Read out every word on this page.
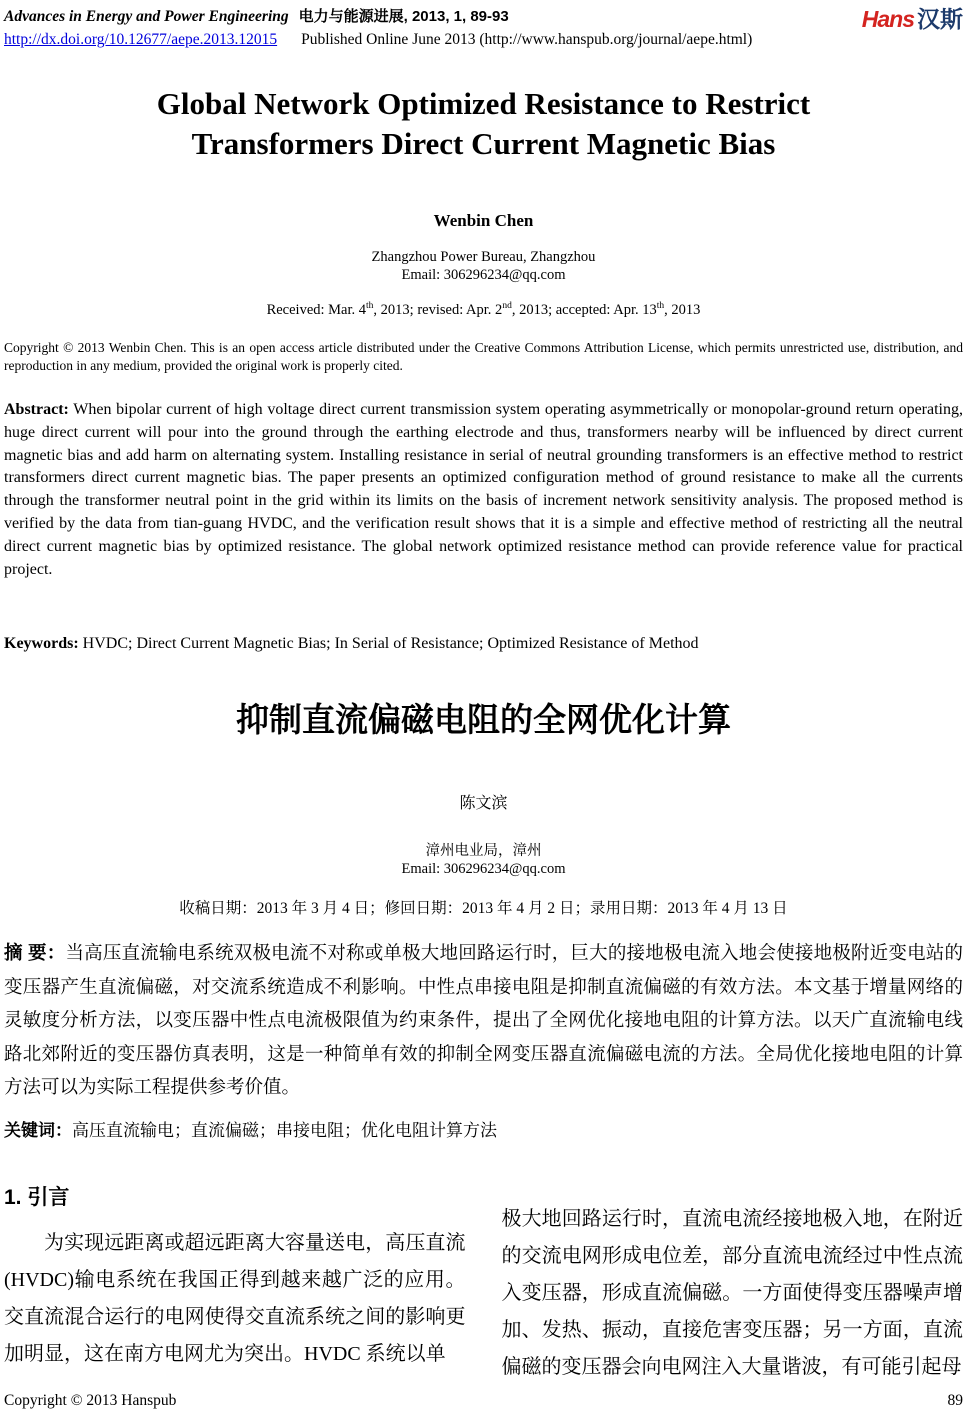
Advances in Energy and Power Engineering 电力与能源进展, 2013, 1, 89-93
http://dx.doi.org/10.12677/aepe.2013.12015 Published Online June 2013 (http://www.hanspub.org/journal/aepe.html)
Hans 汉斯
Global Network Optimized Resistance to Restrict
Transformers Direct Current Magnetic Bias
Wenbin Chen
Zhangzhou Power Bureau, Zhangzhou
Email: 306296234@qq.com
Received: Mar. 4th, 2013; revised: Apr. 2nd, 2013; accepted: Apr. 13th, 2013
Copyright © 2013 Wenbin Chen. This is an open access article distributed under the Creative Commons Attribution License, which permits unrestricted use, distribution, and reproduction in any medium, provided the original work is properly cited.
Abstract: When bipolar current of high voltage direct current transmission system operating asymmetrically or monopolar-ground return operating, huge direct current will pour into the ground through the earthing electrode and thus, transformers nearby will be influenced by direct current magnetic bias and add harm on alternating system. Installing resistance in serial of neutral grounding transformers is an effective method to restrict transformers direct current magnetic bias. The paper presents an optimized configuration method of ground resistance to make all the currents through the transformer neutral point in the grid within its limits on the basis of increment network sensitivity analysis. The proposed method is verified by the data from tian-guang HVDC, and the verification result shows that it is a simple and effective method of restricting all the neutral direct current magnetic bias by optimized resistance. The global network optimized resistance method can provide reference value for practical project.
Keywords: HVDC; Direct Current Magnetic Bias; In Serial of Resistance; Optimized Resistance of Method
抑制直流偏磁电阻的全网优化计算
陈文滨
漳州电业局，漳州
Email: 306296234@qq.com
收稿日期：2013 年 3 月 4 日；修回日期：2013 年 4 月 2 日；录用日期：2013 年 4 月 13 日
摘 要：当高压直流输电系统双极电流不对称或单极大地回路运行时，巨大的接地极电流入地会使接地极附近变电站的变压器产生直流偏磁，对交流系统造成不利影响。中性点串接电阻是抑制直流偏磁的有效方法。本文基于增量网络的灵敏度分析方法，以变压器中性点电流极限值为约束条件，提出了全网优化接地电阻的计算方法。以天广直流输电线路北郊附近的变压器仿真表明，这是一种简单有效的抑制全网变压器直流偏磁电流的方法。全局优化接地电阻的计算方法可以为实际工程提供参考价值。
关键词：高压直流输电；直流偏磁；串接电阻；优化电阻计算方法
1. 引言
为实现远距离或超远距离大容量送电，高压直流(HVDC)输电系统在我国正得到越来越广泛的应用。交直流混合运行的电网使得交直流系统之间的影响更加明显，这在南方电网尤为突出。HVDC 系统以单
极大地回路运行时，直流电流经接地极入地，在附近的交流电网形成电位差，部分直流电流经过中性点流入变压器，形成直流偏磁。一方面使得变压器噪声增加、发热、振动，直接危害变压器；另一方面，直流偏磁的变压器会向电网注入大量谐波，有可能引起母
Copyright © 2013 Hanspub	89
